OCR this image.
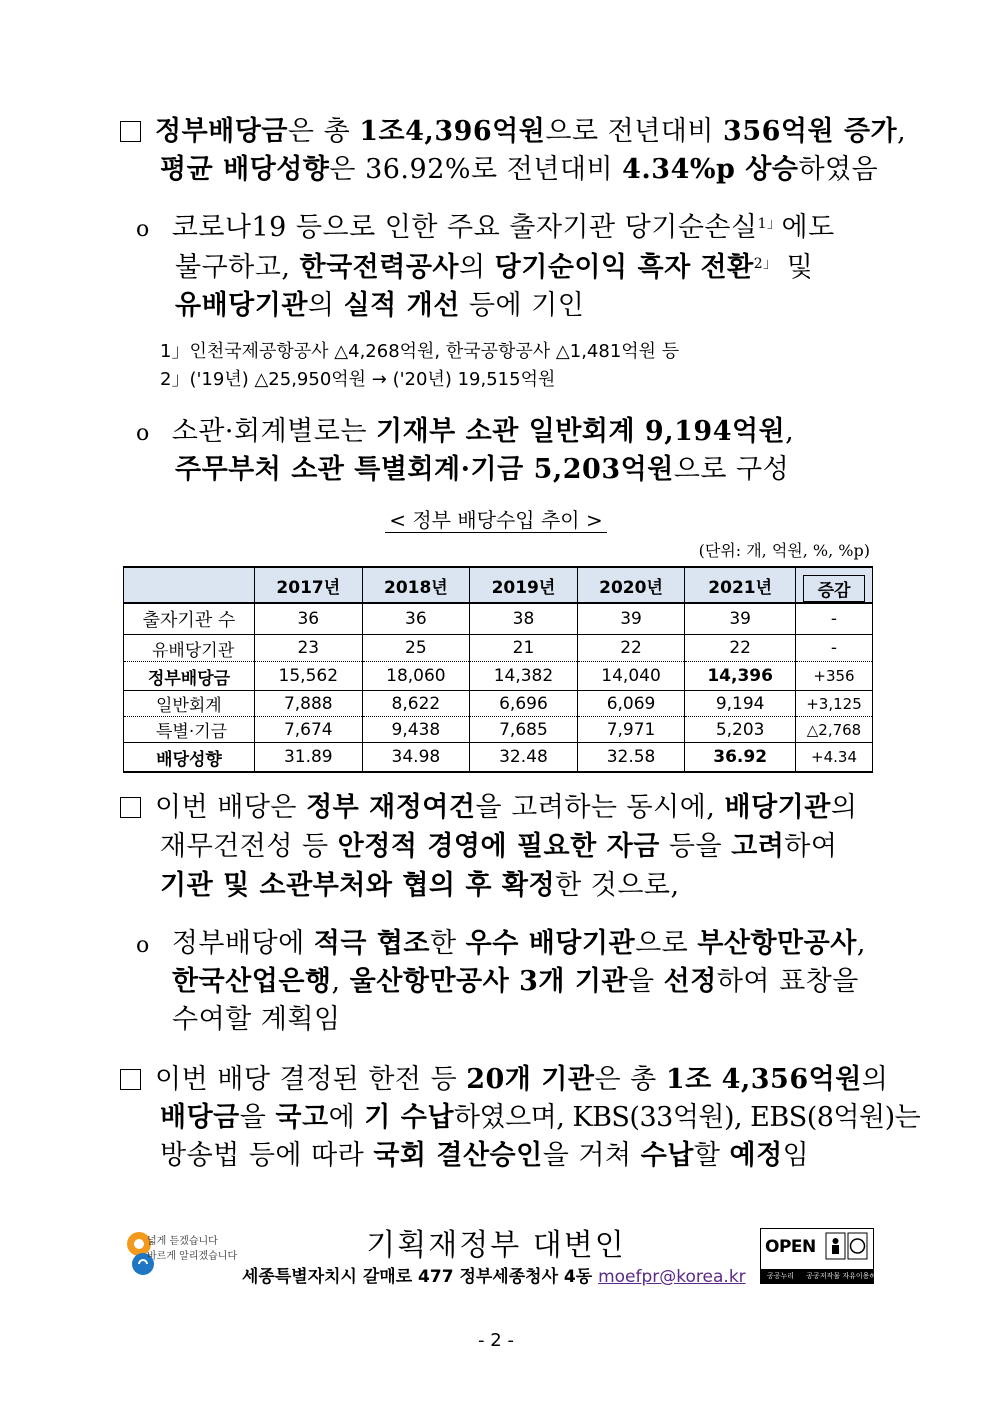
정부배당금은 총 1조4,396억원으로 전년대비 356억원 증가,
평균 배당성향은 36.92%로 전년대비 4.34%p 상승하였음
o 코로나19 등으로 인한 주요 출자기관 당기순손실$^{1」}$에도
불구하고, 한국전력공사의 당기순이익 흑자 전환$^{2」}$ 및
유배당기관의 실적 개선 등에 기인
1」인천국제공항공사 △4,268억원, 한국공항공사 △1,481억원 등
2」('19년) △25,950억원 → ('20년) 19,515억원
o 소관·회계별로는 기재부 소관 일반회계 9,194억원,
주무부처 소관 특별회계·기금 5,203억원으로 구성
< 정부 배당수입 추이 >
(단위: 개, 억원, %, %p)
	2017년	2018년	2019년	2020년	2021년	증감
출자기관 수	36	36	38	39	39	-
유배당기관	23	25	21	22	22	-
정부배당금	15,562	18,060	14,382	14,040	14,396	+356
일반회계	7,888	8,622	6,696	6,069	9,194	+3,125
특별·기금	7,674	9,438	7,685	7,971	5,203	△2,768
배당성향	31.89	34.98	32.48	32.58	36.92	+4.34
이번 배당은 정부 재정여건을 고려하는 동시에, 배당기관의
재무건전성 등 안정적 경영에 필요한 자금 등을 고려하여
기관 및 소관부처와 협의 후 확정한 것으로,
o 정부배당에 적극 협조한 우수 배당기관으로 부산항만공사,
한국산업은행, 울산항만공사 3개 기관을 선정하여 표창을
수여할 계획임
이번 배당 결정된 한전 등 20개 기관은 총 1조 4,356억원의
배당금을 국고에 기 수납하였으며, KBS(33억원), EBS(8억원)는
방송법 등에 따라 국회 결산승인을 거쳐 수납할 예정임
넓게 듣겠습니다
바르게 알리겠습니다	기획재정부 대변인
세종특별자치시 갈매로 477 정부세종청사 4동 moefpr@korea.kr
OPEN
공공누리 공공저작물 자유이용허락
- 2 -
